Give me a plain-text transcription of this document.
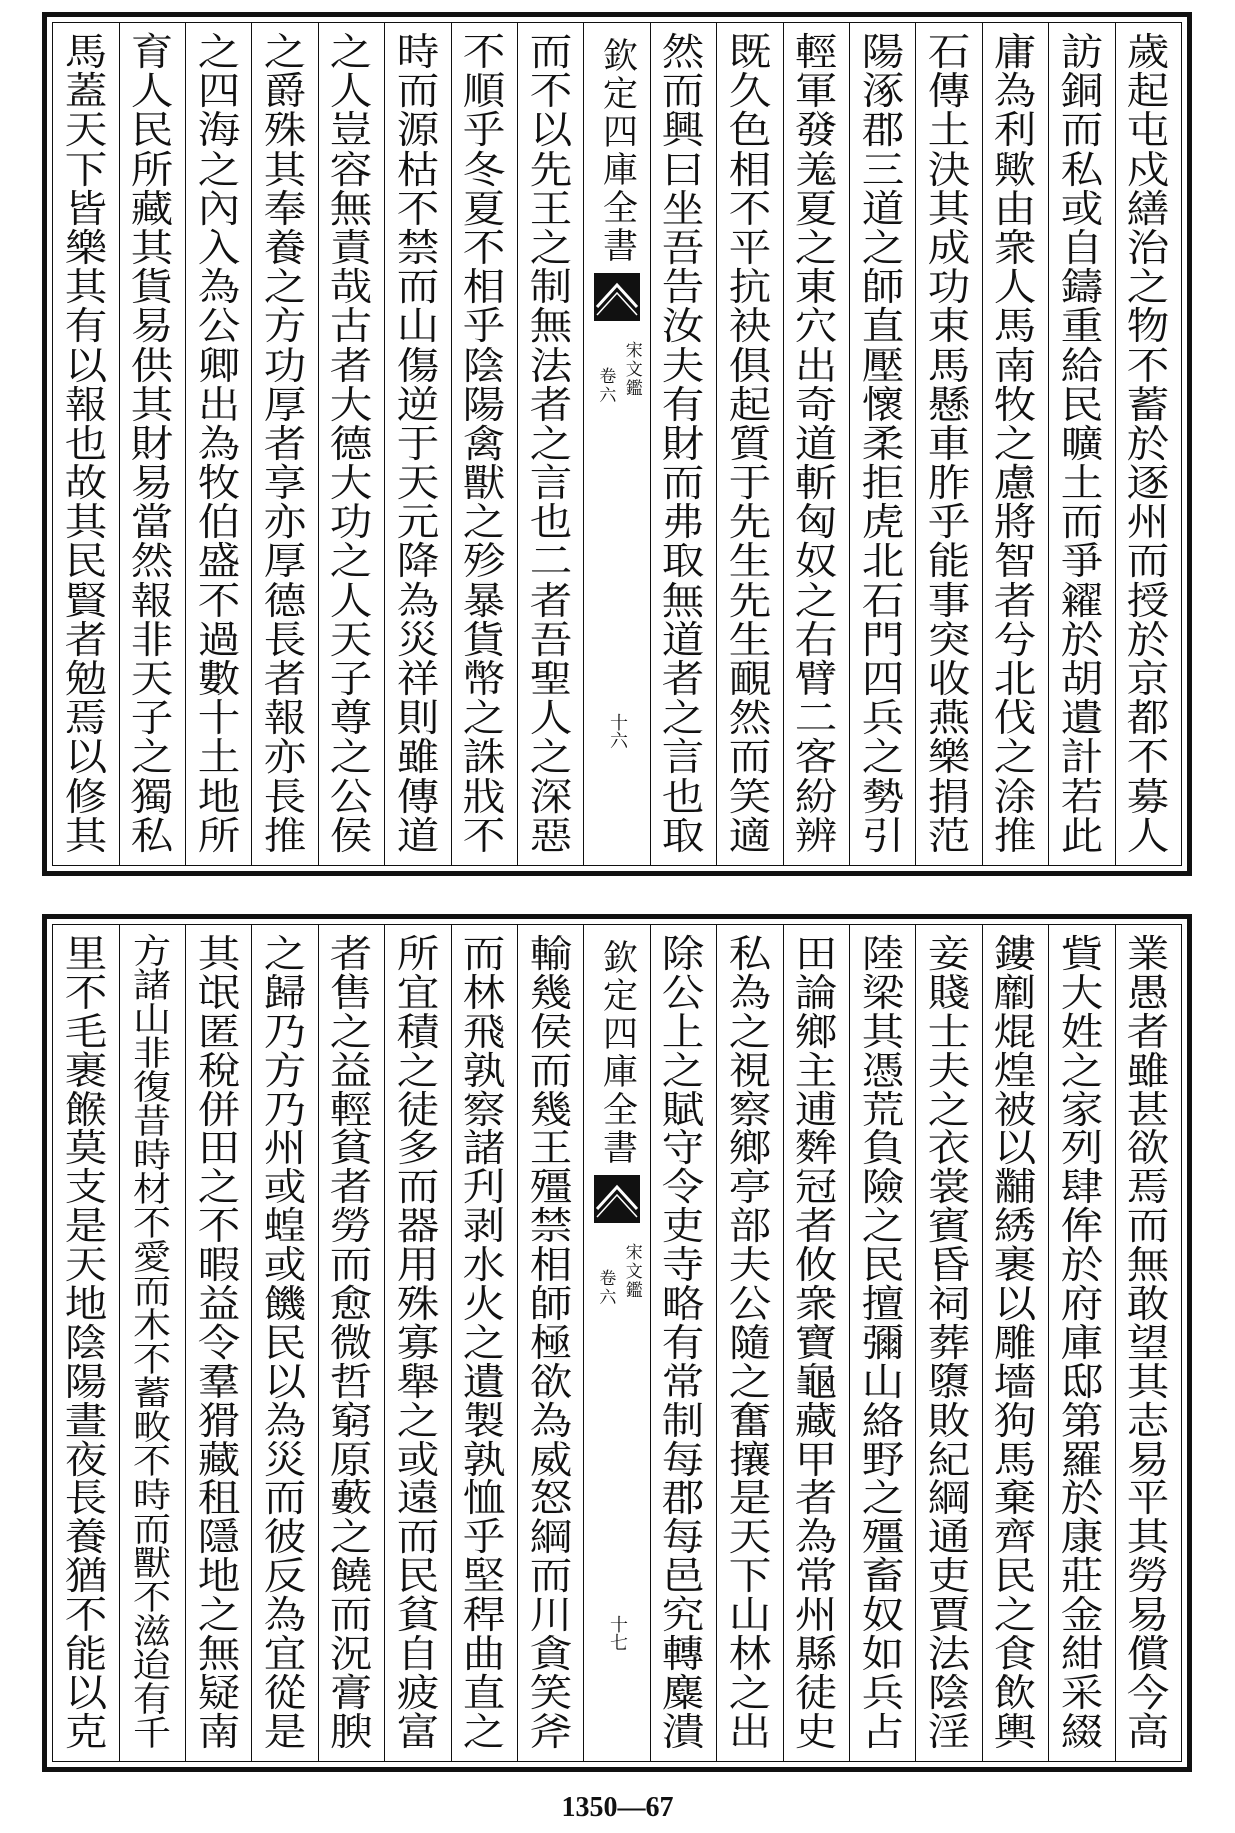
歲
起
屯
戍
繕
治
之
物
不
蓄
於
逐
州
而
授
於
京
都
不
募
人
訪
銅
而
私
或
自
鑄
重
給
民
曠
土
而
爭
糴
於
胡
遺
計
若
此
庸
為
利
歟
由
衆
人
馬
南
牧
之
慮
將
智
者
兮
北
伐
之
涂
推
石
傳
土
決
其
成
功
束
馬
懸
車
胙
乎
能
事
突
收
燕
樂
捐
范
陽
涿
郡
三
道
之
師
直
壓
懷
柔
拒
虎
北
石
門
四
兵
之
勢
引
輕
軍
發
羗
夏
之
東
穴
出
奇
道
斬
匈
奴
之
右
臂
二
客
紛
辨
既
久
色
相
不
平
抗
袂
俱
起
質
于
先
生
先
生
靦
然
而
笑
適
然
而
興
曰
坐
吾
告
汝
夫
有
財
而
弗
取
無
道
者
之
言
也
取
欽定四庫全書
宋文鑑
卷六
十六
而
不
以
先
王
之
制
無
法
者
之
言
也
二
者
吾
聖
人
之
深
惡
不
順
乎
冬
夏
不
相
乎
陰
陽
禽
獸
之
殄
暴
貨
幣
之
誅
戕
不
時
而
源
枯
不
禁
而
山
傷
逆
于
天
元
降
為
災
祥
則
雖
傳
道
之
人
豈
容
無
責
哉
古
者
大
德
大
功
之
人
天
子
尊
之
公
侯
之
爵
殊
其
奉
養
之
方
功
厚
者
享
亦
厚
德
長
者
報
亦
長
推
之
四
海
之
內
入
為
公
卿
出
為
牧
伯
盛
不
過
數
十
土
地
所
育
人
民
所
藏
其
貨
易
供
其
財
易
當
然
報
非
天
子
之
獨
私
馬
蓋
天
下
皆
樂
其
有
以
報
也
故
其
民
賢
者
勉
焉
以
修
其
業
愚
者
雖
甚
欲
焉
而
無
敢
望
其
志
易
平
其
勞
易
償
今
高
貲
大
姓
之
家
列
肆
侔
於
府
庫
邸
第
羅
於
康
莊
金
紺
采
綴
鏤
劘
焜
煌
被
以
黼
綉
裹
以
雕
墻
狗
馬
棄
齊
民
之
食
飲
輿
妾
賤
士
夫
之
衣
裳
賓
昏
祠
葬
隳
敗
紀
綱
通
吏
賈
法
陰
淫
陸
梁
其
憑
荒
負
險
之
民
擅
彌
山
絡
野
之
殭
畜
奴
如
兵
占
田
論
鄉
主
逋
麰
冠
者
攸
衆
寶
龜
藏
甲
者
為
常
州
縣
徒
史
私
為
之
視
察
鄉
亭
部
夫
公
隨
之
奮
攘
是
天
下
山
林
之
出
除
公
上
之
賦
守
令
吏
寺
略
有
常
制
每
郡
每
邑
究
轉
麋
潰
欽定四庫全書
宋文鑑
卷六
十七
輸
幾
侯
而
幾
王
殭
禁
相
師
極
欲
為
威
怒
綱
而
川
貪
笑
斧
而
林
飛
孰
察
諸
刋
剥
水
火
之
遺
製
孰
恤
乎
堅
稈
曲
直
之
所
宜
積
之
徒
多
而
器
用
殊
寡
舉
之
或
遠
而
民
貧
自
疲
富
者
售
之
益
輕
貧
者
勞
而
愈
微
哲
窮
原
藪
之
饒
而
況
膏
腴
之
歸
乃
方
乃
州
或
蝗
或
饑
民
以
為
災
而
彼
反
為
宜
從
是
其
氓
匿
稅
併
田
之
不
暇
益
令
羣
猾
藏
租
隱
地
之
無
疑
南
方
諸
山
非
復
昔
時
材
不
愛
而
木
不
蓄
畋
不
時
而
獸
不
滋
迨
有
千
里
不
毛
裹
餱
莫
支
是
天
地
陰
陽
晝
夜
長
養
猶
不
能
以
克
1350—67
